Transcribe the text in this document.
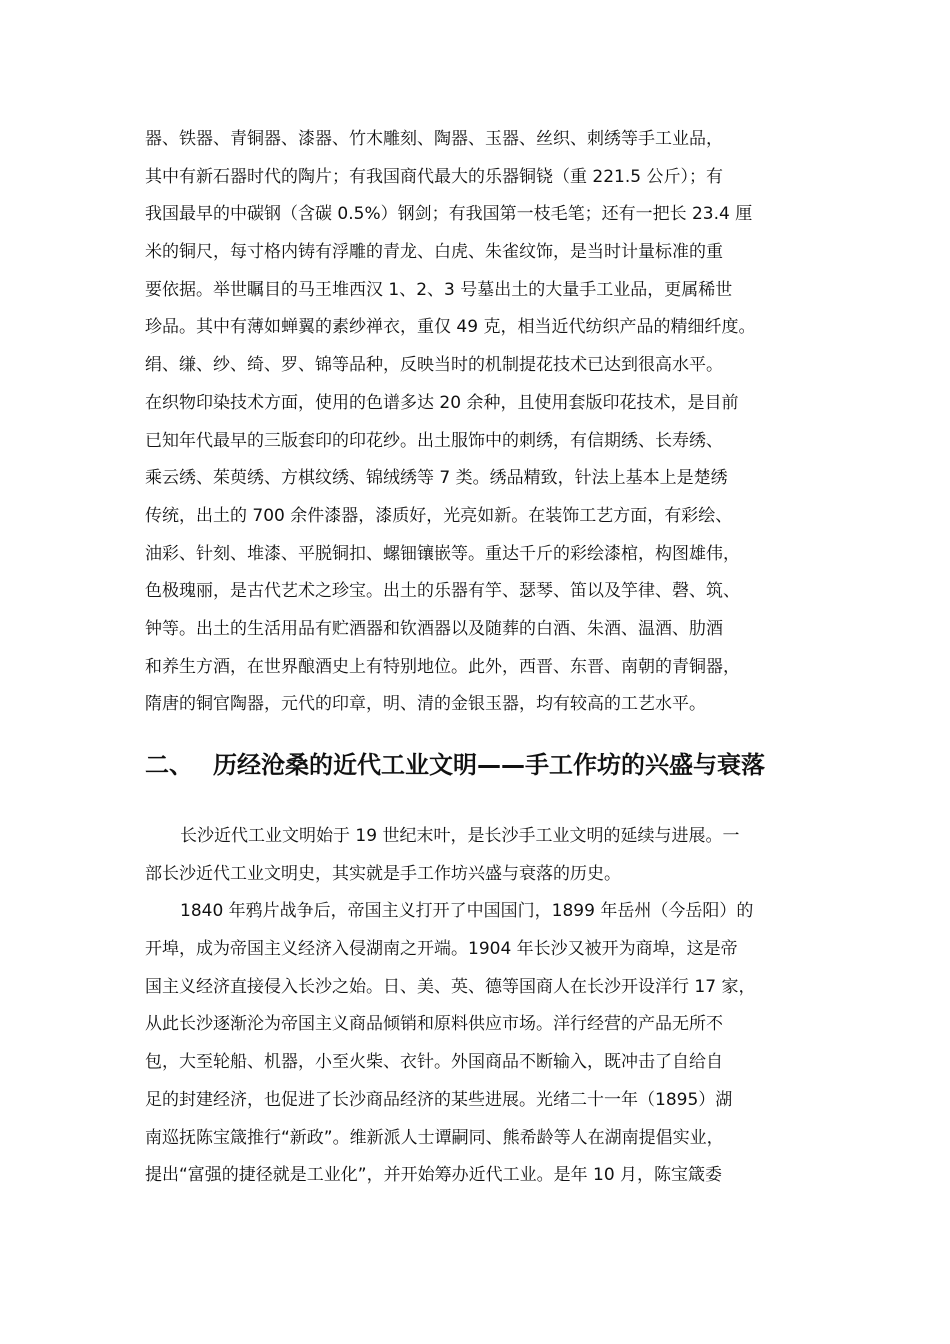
器、铁器、青铜器、漆器、竹木雕刻、陶器、玉器、丝织、刺绣等手工业品，
其中有新石器时代的陶片；有我国商代最大的乐器铜铙（重 221.5 公斤）；有
我国最早的中碳钢（含碳 0.5%）钢剑；有我国第一枝毛笔；还有一把长 23.4 厘
米的铜尺，每寸格内铸有浮雕的青龙、白虎、朱雀纹饰，是当时计量标准的重
要依据。举世瞩目的马王堆西汉 1、2、3 号墓出土的大量手工业品，更属稀世
珍品。其中有薄如蝉翼的素纱禅衣，重仅 49 克，相当近代纺织产品的精细纤度。
绢、缣、纱、绮、罗、锦等品种，反映当时的机制提花技术已达到很高水平。
在织物印染技术方面，使用的色谱多达 20 余种，且使用套版印花技术，是目前
已知年代最早的三版套印的印花纱。出土服饰中的刺绣，有信期绣、长寿绣、
乘云绣、茱萸绣、方棋纹绣、锦绒绣等 7 类。绣品精致，针法上基本上是楚绣
传统，出土的 700 余件漆器，漆质好，光亮如新。在装饰工艺方面，有彩绘、
油彩、针刻、堆漆、平脱铜扣、螺钿镶嵌等。重达千斤的彩绘漆棺，构图雄伟，
色极瑰丽，是古代艺术之珍宝。出土的乐器有竽、瑟琴、笛以及竽律、磬、筑、
钟等。出土的生活用品有贮酒器和钦酒器以及随葬的白酒、朱酒、温酒、肋酒
和养生方酒，在世界酿酒史上有特别地位。此外，西晋、东晋、南朝的青铜器，
隋唐的铜官陶器，元代的印章，明、清的金银玉器，均有较高的工艺水平。
二、 历经沧桑的近代工业文明——手工作坊的兴盛与衰落
长沙近代工业文明始于 19 世纪末叶，是长沙手工业文明的延续与进展。一
部长沙近代工业文明史，其实就是手工作坊兴盛与衰落的历史。
1840 年鸦片战争后，帝国主义打开了中国国门，1899 年岳州（今岳阳）的
开埠，成为帝国主义经济入侵湖南之开端。1904 年长沙又被开为商埠，这是帝
国主义经济直接侵入长沙之始。日、美、英、德等国商人在长沙开设洋行 17 家，
从此长沙逐渐沦为帝国主义商品倾销和原料供应市场。洋行经营的产品无所不
包，大至轮船、机器，小至火柴、衣针。外国商品不断输入，既冲击了自给自
足的封建经济，也促进了长沙商品经济的某些进展。光绪二十一年（1895）湖
南巡抚陈宝箴推行“新政”。维新派人士谭嗣同、熊希龄等人在湖南提倡实业，
提出“富强的捷径就是工业化”，并开始筹办近代工业。是年 10 月，陈宝箴委
